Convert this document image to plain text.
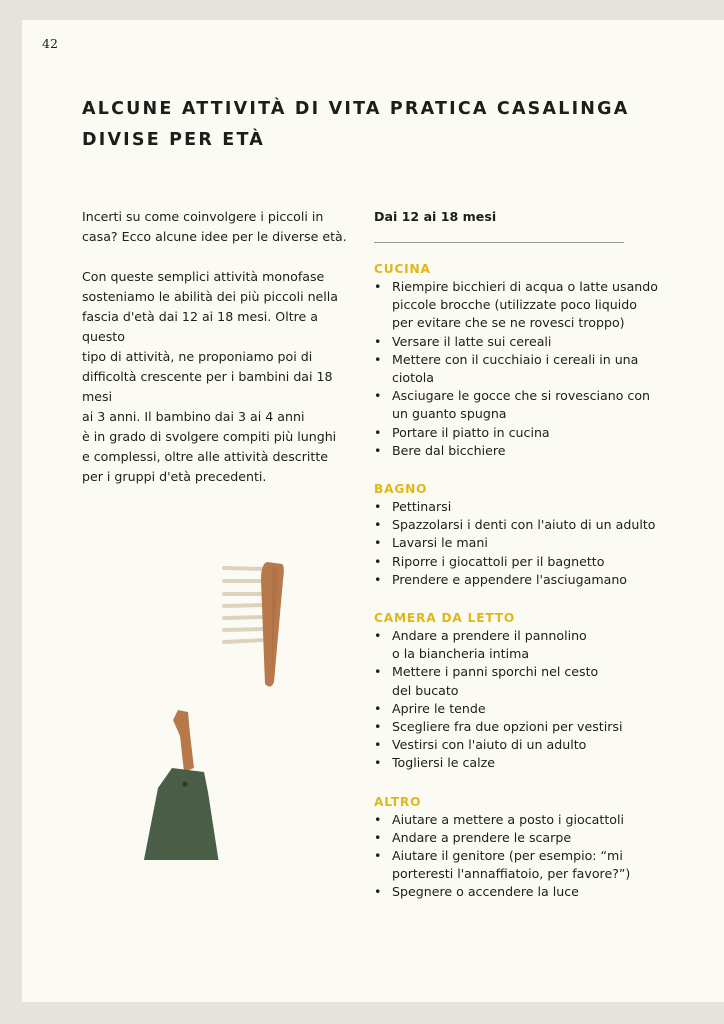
42
ALCUNE ATTIVITÀ DI VITA PRATICA CASALINGA
DIVISE PER ETÀ

Incerti su come coinvolgere i piccoli in
casa? Ecco alcune idee per le diverse età.

Con queste semplici attività monofase
sosteniamo le abilità dei più piccoli nella
fascia d'età dai 12 ai 18 mesi. Oltre a questo
tipo di attività, ne proponiamo poi di
difficoltà crescente per i bambini dai 18 mesi
ai 3 anni. Il bambino dai 3 ai 4 anni
è in grado di svolgere compiti più lunghi
e complessi, oltre alle attività descritte
per i gruppi d'età precedenti.

Dai 12 ai 18 mesi
CUCINA
• Riempire bicchieri di acqua o latte usando
piccole brocche (utilizzate poco liquido
per evitare che se ne rovesci troppo)
• Versare il latte sui cereali
• Mettere con il cucchiaio i cereali in una
ciotola
• Asciugare le gocce che si rovesciano con
un guanto spugna
• Portare il piatto in cucina
• Bere dal bicchiere
BAGNO
• Pettinarsi
• Spazzolarsi i denti con l'aiuto di un adulto
• Lavarsi le mani
• Riporre i giocattoli per il bagnetto
• Prendere e appendere l'asciugamano
CAMERA DA LETTO
• Andare a prendere il pannolino
o la biancheria intima
• Mettere i panni sporchi nel cesto
del bucato
• Aprire le tende
• Scegliere fra due opzioni per vestirsi
• Vestirsi con l'aiuto di un adulto
• Togliersi le calze
ALTRO
• Aiutare a mettere a posto i giocattoli
• Andare a prendere le scarpe
• Aiutare il genitore (per esempio: “mi
porteresti l'annaffiatoio, per favore?”)
• Spegnere o accendere la luce
